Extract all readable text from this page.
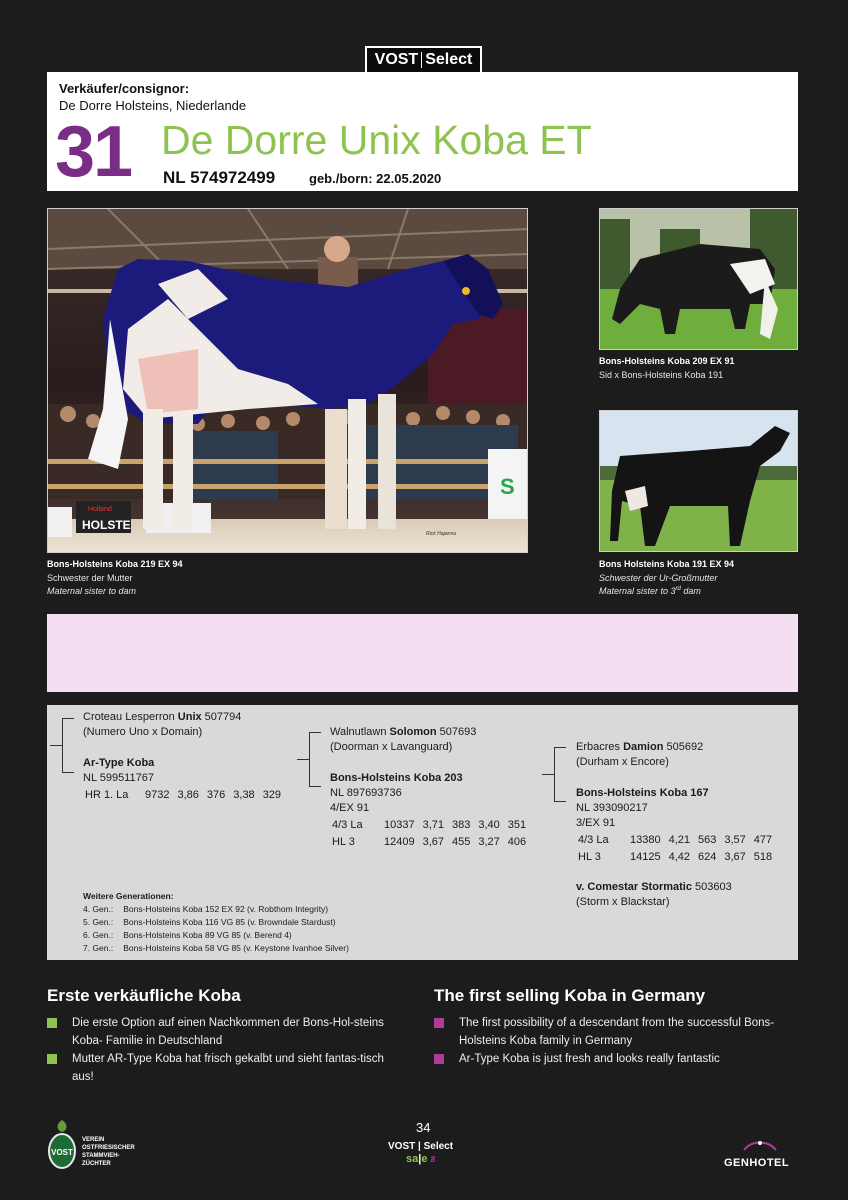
VOST Select
Verkäufer/consignor:
De Dorre Holsteins, Niederlande
31 De Dorre Unix Koba ET
NL 574972499	geb./born: 22.05.2020
S
HOLSTE
Holland
Rick Hapema
Bons-Holsteins Koba 219 EX 94
Schwester der Mutter
Maternal sister to dam
Bons-Holsteins Koba 209 EX 91
Sid x Bons-Holsteins Koba 191
Bons Holsteins Koba 191 EX 94
Schwester der Ur-Großmutter
Maternal sister to 3rd dam
Croteau Lesperron Unix 507794
(Numero Uno x Domain)
Ar-Type Koba
NL 599511767
HR 1. La	9732	3,86	376	3,38	329
Walnutlawn Solomon 507693
(Doorman x Lavanguard)
Bons-Holsteins Koba 203
NL 897693736
4/EX 91
4/3 La	10337	3,71	383	3,40	351
HL 3	12409	3,67	455	3,27	406
Erbacres Damion 505692
(Durham x Encore)
Bons-Holsteins Koba 167
NL 393090217
3/EX 91
4/3 La	13380	4,21	563	3,57	477
HL 3	14125	4,42	624	3,67	518
v. Comestar Stormatic 503603
(Storm x Blackstar)
Weitere Generationen:
4. Gen.:	Bons-Holsteins Koba 152 EX 92 (v. Robthom Integrity)
5. Gen.:	Bons-Holsteins Koba 116 VG 85 (v. Browndale Stardust)
6. Gen.:	Bons-Holsteins Koba 89 VG 85 (v. Berend 4)
7. Gen.:	Bons-Holsteins Koba 58 VG 85 (v. Keystone Ivanhoe Silver)
Erste verkäufliche Koba
Die erste Option auf einen Nachkommen der Bons-Hol-steins Koba- Familie in Deutschland
Mutter AR-Type Koba hat frisch gekalbt und sieht fantas-tisch aus!
The first selling Koba in Germany
The first possibility of a descendant from the successful Bons-Holsteins Koba family in Germany
Ar-Type Koba is just fresh and looks really fantastic
VOST
VEREIN
OSTFRIESISCHER
STAMMVIEH-
ZÜCHTER
34
VOST | Select
sa|e 8	GENHOTEL
